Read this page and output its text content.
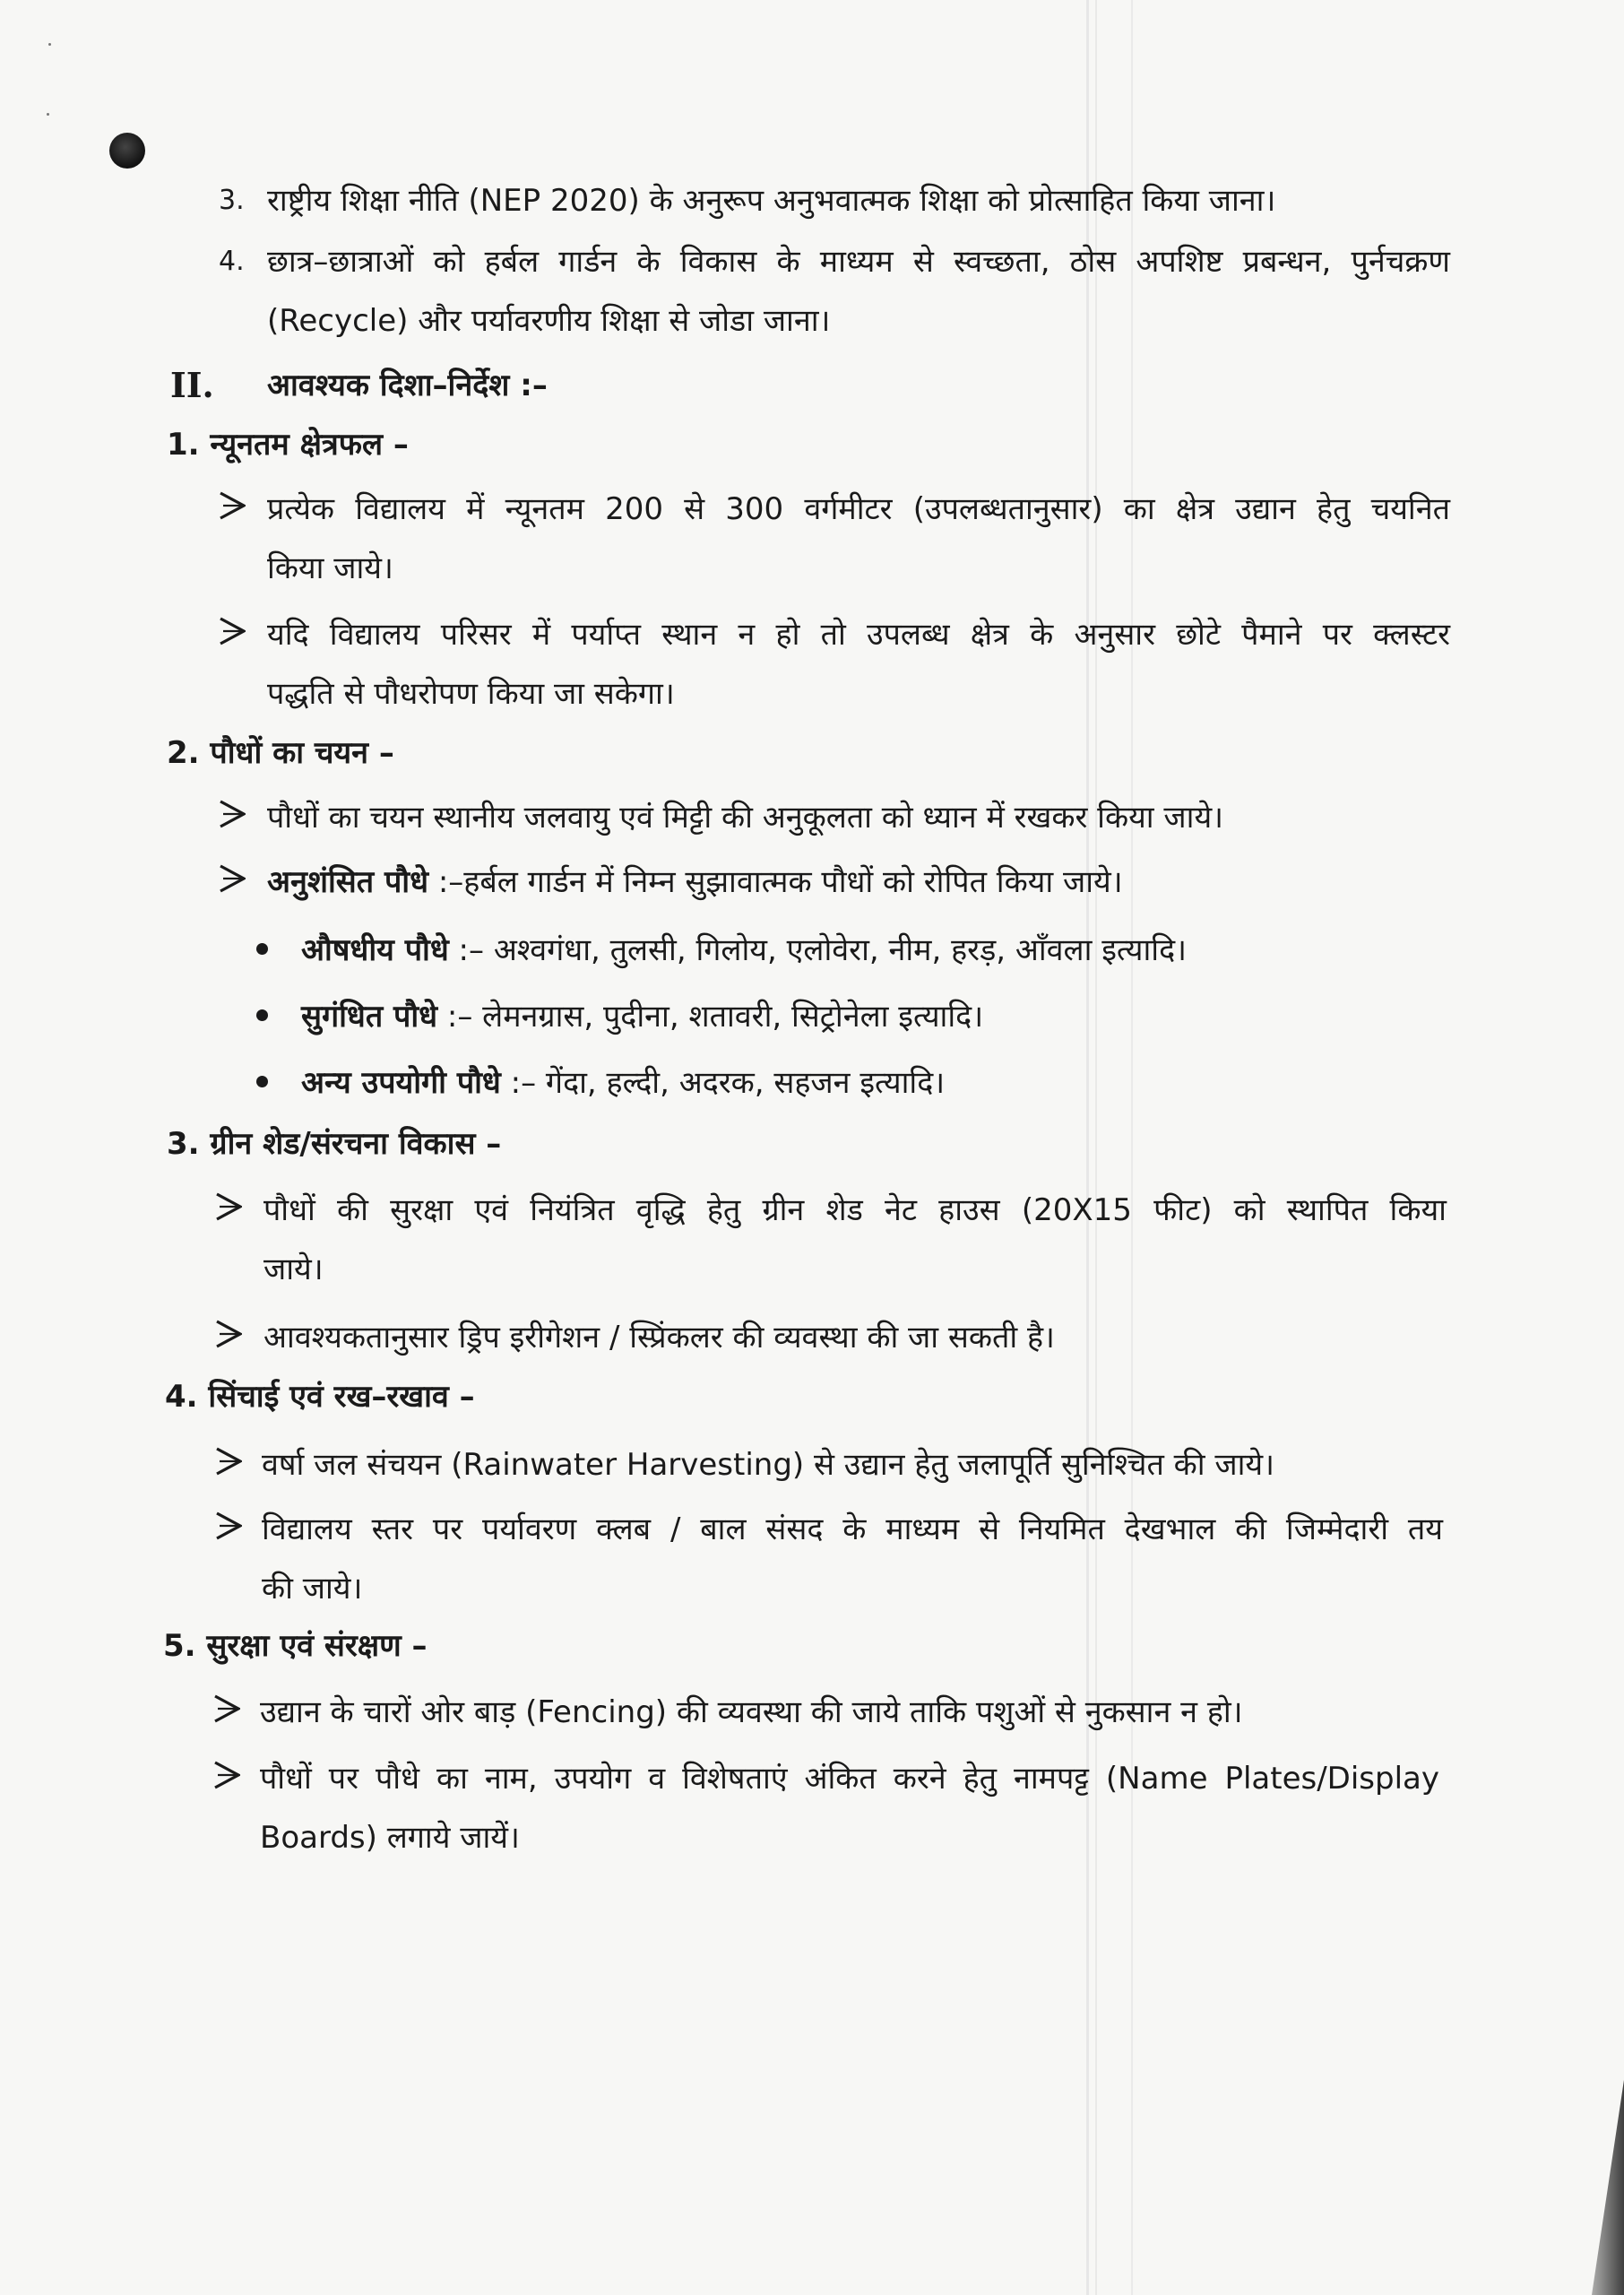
3. राष्ट्रीय शिक्षा नीति (NEP 2020) के अनुरूप अनुभवात्मक शिक्षा को प्रोत्साहित किया जाना।
4. छात्र–छात्राओं को हर्बल गार्डन के विकास के माध्यम से स्वच्छता, ठोस अपशिष्ट प्रबन्धन, पुर्नचक्रण
(Recycle) और पर्यावरणीय शिक्षा से जोडा जाना।
II. आवश्यक दिशा–निर्देश :–
1. न्यूनतम क्षेत्रफल –
प्रत्येक विद्यालय में न्यूनतम 200 से 300 वर्गमीटर (उपलब्धतानुसार) का क्षेत्र उद्यान हेतु चयनित
किया जाये।
यदि विद्यालय परिसर में पर्याप्त स्थान न हो तो उपलब्ध क्षेत्र के अनुसार छोटे पैमाने पर क्लस्टर
पद्धति से पौधरोपण किया जा सकेगा।
2. पौधों का चयन –
पौधों का चयन स्थानीय जलवायु एवं मिट्टी की अनुकूलता को ध्यान में रखकर किया जाये।
अनुशंसित पौधे :–हर्बल गार्डन में निम्न सुझावात्मक पौधों को रोपित किया जाये।
औषधीय पौधे :– अश्वगंधा, तुलसी, गिलोय, एलोवेरा, नीम, हरड़, आँवला इत्यादि।
सुगंधित पौधे :– लेमनग्रास, पुदीना, शतावरी, सिट्रोनेला इत्यादि।
अन्य उपयोगी पौधे :– गेंदा, हल्दी, अदरक, सहजन इत्यादि।
3. ग्रीन शेड/संरचना विकास –
पौधों की सुरक्षा एवं नियंत्रित वृद्धि हेतु ग्रीन शेड नेट हाउस (20X15 फीट) को स्थापित किया
जाये।
आवश्यकतानुसार ड्रिप इरीगेशन / स्प्रिंकलर की व्यवस्था की जा सकती है।
4. सिंचाई एवं रख–रखाव –
वर्षा जल संचयन (Rainwater Harvesting) से उद्यान हेतु जलापूर्ति सुनिश्चित की जाये।
विद्यालय स्तर पर पर्यावरण क्लब / बाल संसद के माध्यम से नियमित देखभाल की जिम्मेदारी तय
की जाये।
5. सुरक्षा एवं संरक्षण –
उद्यान के चारों ओर बाड़ (Fencing) की व्यवस्था की जाये ताकि पशुओं से नुकसान न हो।
पौधों पर पौधे का नाम, उपयोग व विशेषताएं अंकित करने हेतु नामपट्ट (Name Plates/Display
Boards) लगाये जायें।
